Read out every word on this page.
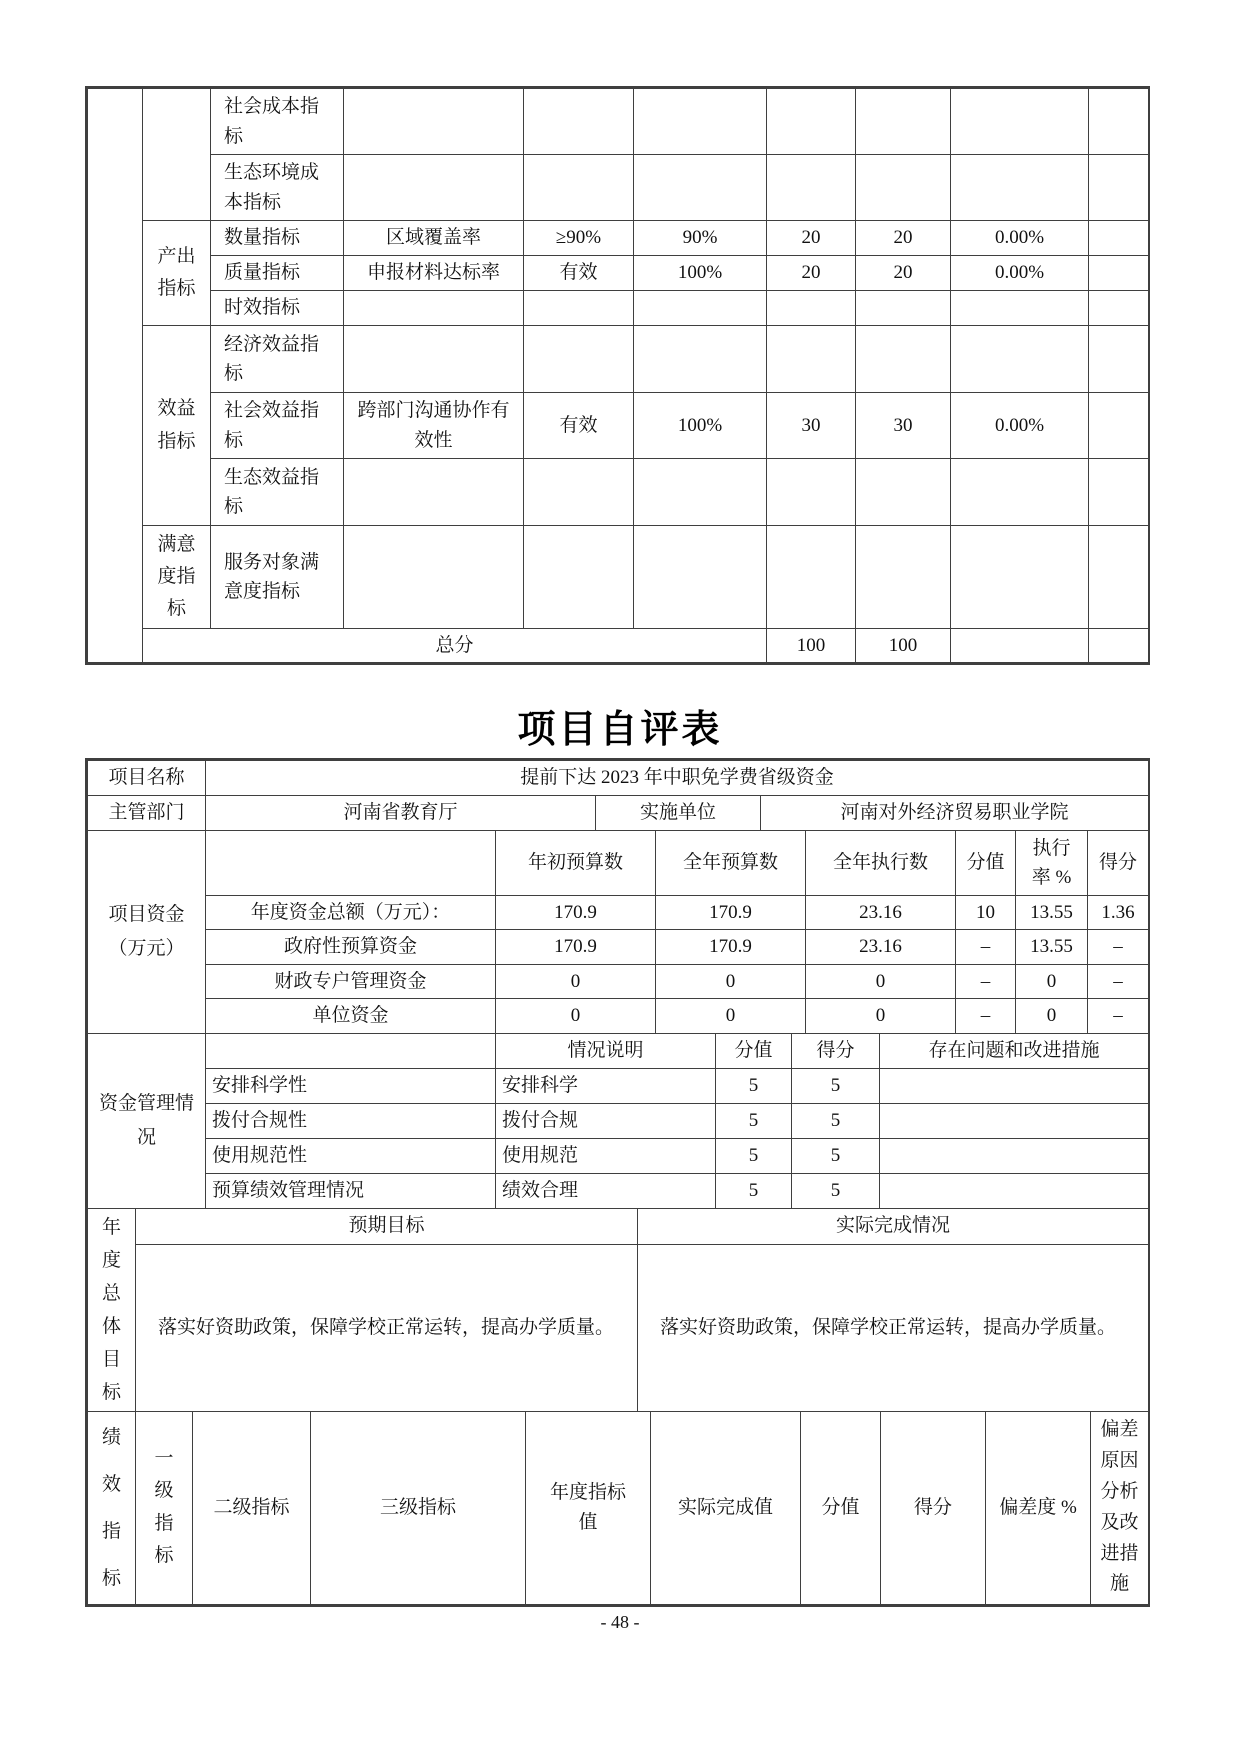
		社会成本指标							
		生态环境成本指标							
	产出指标	数量指标	区域覆盖率	≥90%	90%	20	20	0.00%	
		质量指标	申报材料达标率	有效	100%	20	20	0.00%	
		时效指标							
	效益指标	经济效益指标							
		社会效益指标	跨部门沟通协作有效性	有效	100%	30	30	0.00%	
		生态效益指标							
	满意度指标	服务对象满意度指标							
	总分					100	100		
项目自评表
项目名称	提前下达 2023 年中职免学费省级资金		
主管部门	河南省教育厅	实施单位	河南对外经济贸易职业学院
项目资金（万元）		年初预算数	全年预算数	全年执行数	分值	执行率 %	得分
	年度资金总额（万元）：	170.9	170.9	23.16	10	13.55	1.36
	政府性预算资金	170.9	170.9	23.16	–	13.55	–
	财政专户管理资金	0	0	0	–	0	–
	单位资金	0	0	0	–	0	–
资金管理情况		情况说明	分值	得分	存在问题和改进措施
	安排科学性	安排科学	5	5	
	拨付合规性	拨付合规	5	5	
	使用规范性	使用规范	5	5	
	预算绩效管理情况	绩效合理	5	5	
年度总体目标	预期目标	实际完成情况
	落实好资助政策，保障学校正常运转，提高办学质量。	落实好资助政策，保障学校正常运转，提高办学质量。
绩效指标	一级指标	二级指标	三级指标	年度指标值	实际完成值	分值	得分	偏差度 %	偏差原因分析及改进措施
- 48 -
